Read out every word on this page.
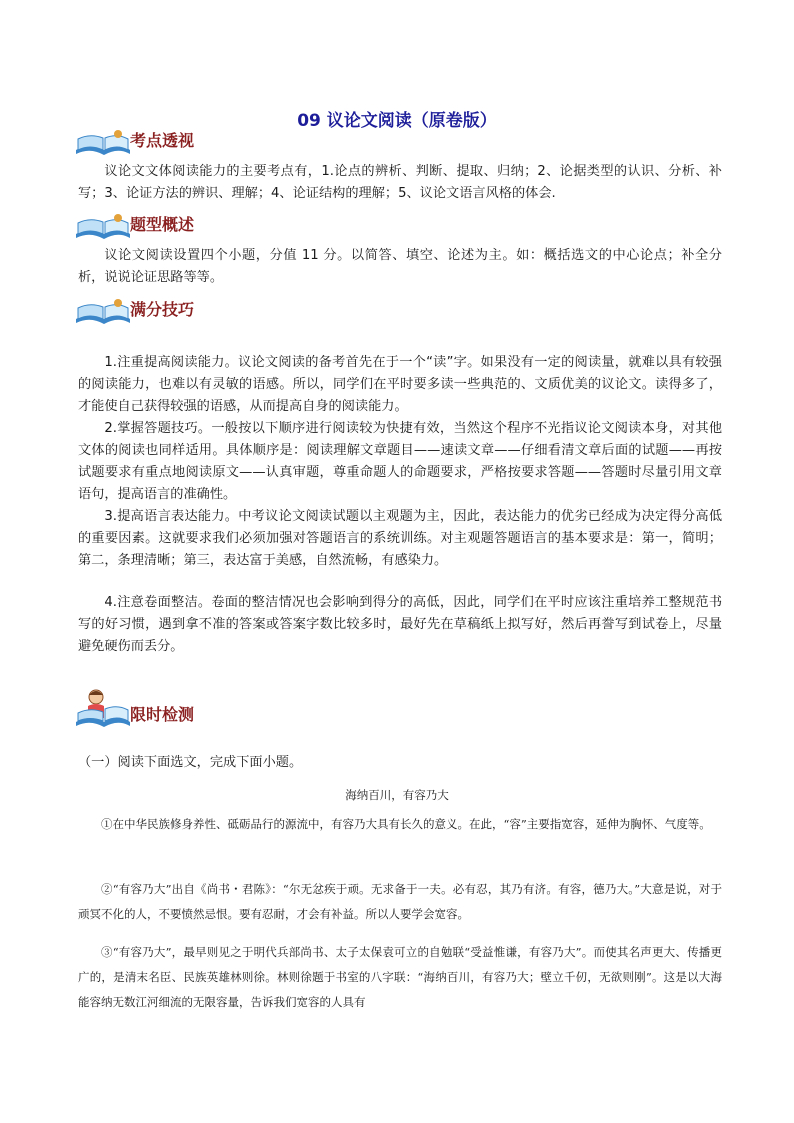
09 议论文阅读（原卷版）
考点透视

议论文文体阅读能力的主要考点有，1.论点的辨析、判断、提取、归纳；2、论据类型的认识、分析、补写；3、论证方法的辨识、理解；4、论证结构的理解；5、议论文语言风格的体会.

题型概述

议论文阅读设置四个小题，分值 11 分。以简答、填空、论述为主。如：概括选文的中心论点；补全分析，说说论证思路等等。

满分技巧

1.注重提高阅读能力。议论文阅读的备考首先在于一个“读”字。如果没有一定的阅读量，就难以具有较强的阅读能力，也难以有灵敏的语感。所以，同学们在平时要多读一些典范的、文质优美的议论文。读得多了，才能使自己获得较强的语感，从而提高自身的阅读能力。

2.掌握答题技巧。一般按以下顺序进行阅读较为快捷有效，当然这个程序不光指议论文阅读本身，对其他文体的阅读也同样适用。具体顺序是：阅读理解文章题目——速读文章——仔细看清文章后面的试题——再按试题要求有重点地阅读原文——认真审题，尊重命题人的命题要求，严格按要求答题——答题时尽量引用文章语句，提高语言的准确性。

3.提高语言表达能力。中考议论文阅读试题以主观题为主，因此，表达能力的优劣已经成为决定得分高低的重要因素。这就要求我们必须加强对答题语言的系统训练。对主观题答题语言的基本要求是：第一，简明；第二，条理清晰；第三，表达富于美感，自然流畅，有感染力。

4.注意卷面整洁。卷面的整洁情况也会影响到得分的高低，因此，同学们在平时应该注重培养工整规范书写的好习惯，遇到拿不准的答案或答案字数比较多时，最好先在草稿纸上拟写好，然后再誊写到试卷上，尽量避免硬伤而丢分。

限时检测

（一）阅读下面选文，完成下面小题。

海纳百川，有容乃大

①在中华民族修身养性、砥砺品行的源流中，有容乃大具有长久的意义。在此，“容”主要指宽容，延伸为胸怀、气度等。

②“有容乃大”出自《尚书・君陈》：“尔无忿疾于顽。无求备于一夫。必有忍，其乃有济。有容，德乃大。”大意是说，对于顽冥不化的人，不要愤然忌恨。要有忍耐，才会有补益。所以人要学会宽容。

③“有容乃大”，最早则见之于明代兵部尚书、太子太保袁可立的自勉联“受益惟谦，有容乃大”。而使其名声更大、传播更广的，是清末名臣、民族英雄林则徐。林则徐题于书室的八字联：“海纳百川，有容乃大；壁立千仞，无欲则刚”。这是以大海能容纳无数江河细流的无限容量，告诉我们宽容的人具有
